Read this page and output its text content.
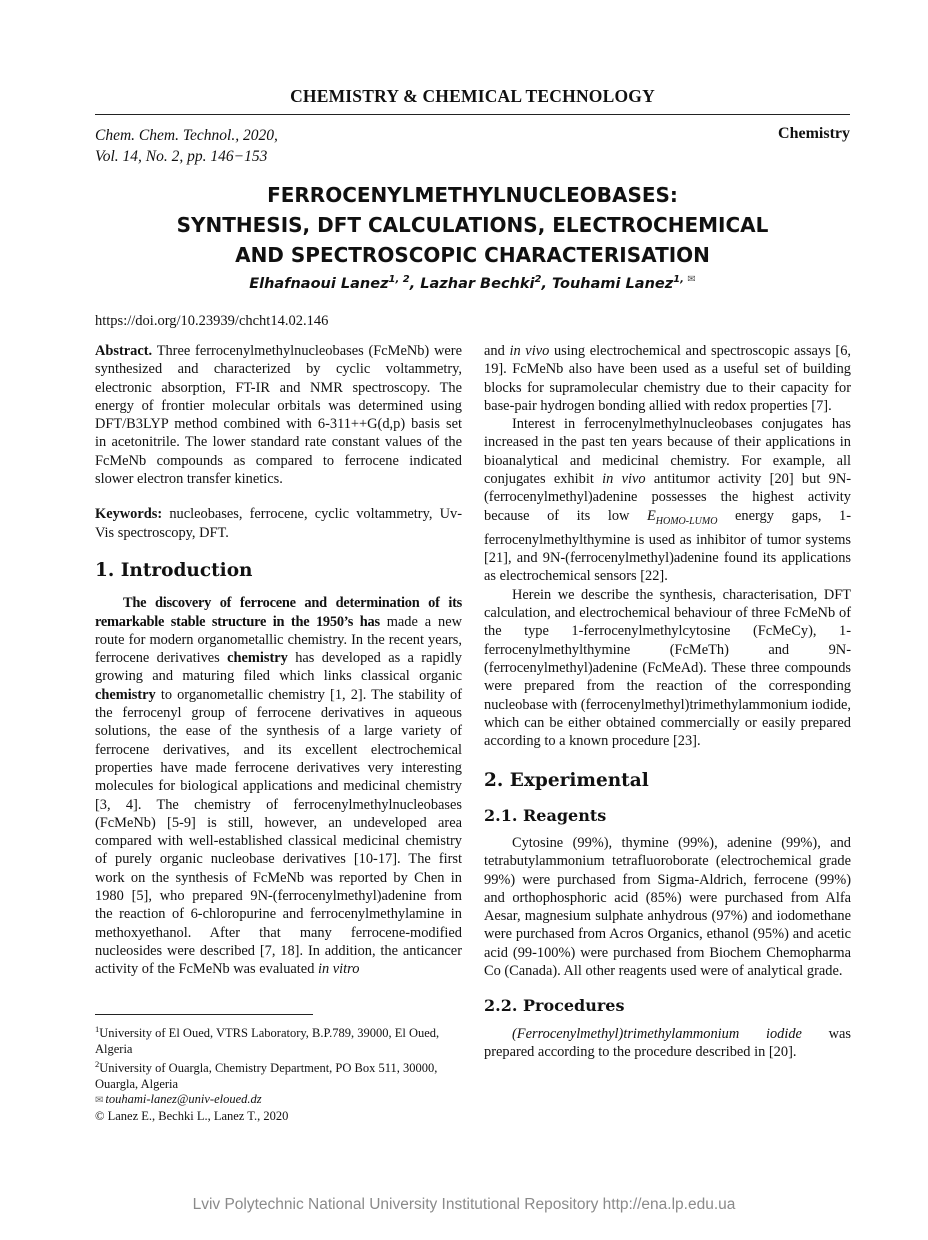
CHEMISTRY & CHEMICAL TECHNOLOGY
Chem. Chem. Technol., 2020,
Vol. 14, No. 2, pp. 146−153
Chemistry
FERROCENYLMETHYLNUCLEOBASES:
SYNTHESIS, DFT CALCULATIONS, ELECTROCHEMICAL
AND SPECTROSCOPIC CHARACTERISATION
Elhafnaoui Lanez$^{1, 2}$, Lazhar Bechki$^2$, Touhami Lanez$^{1, ✉}$
https://doi.org/10.23939/chcht14.02.146

Abstract. Three ferrocenylmethylnucleobases (FcMeNb) were synthesized and characterized by cyclic voltammetry, electronic absorption, FT-IR and NMR spectroscopy. The energy of frontier molecular orbitals was determined using DFT/B3LYP method combined with 6-311++G(d,p) basis set in acetonitrile. The lower standard rate constant values of the FcMeNb compounds as compared to ferrocene indicated slower electron transfer kinetics.

Keywords: nucleobases, ferrocene, cyclic voltammetry, Uv-Vis spectroscopy, DFT.

1. Introduction

The discovery of ferrocene and determination of its remarkable stable structure in the 1950’s has made a new route for modern organometallic chemistry. In the recent years, ferrocene derivatives chemistry has developed as a rapidly growing and maturing filed which links classical organic chemistry to organometallic chemistry [1, 2]. The stability of the ferrocenyl group of ferrocene derivatives in aqueous solutions, the ease of the synthesis of a large variety of ferrocene derivatives, and its excellent electrochemical properties have made ferrocene derivatives very interesting molecules for biological applications and medicinal chemistry [3, 4]. The chemistry of ferrocenylmethylnucleobases (FcMeNb) [5-9] is still, however, an undeveloped area compared with well-established classical medicinal chemistry of purely organic nucleobase derivatives [10-17]. The first work on the synthesis of FcMeNb was reported by Chen in 1980 [5], who prepared 9N-(ferrocenylmethyl)adenine from the reaction of 6-chloropurine and ferrocenylmethylamine in methoxyethanol. After that many ferrocene-modified nucleosides were described [7, 18]. In addition, the anticancer activity of the FcMeNb was evaluated in vitro

$^1$University of El Oued, VTRS Laboratory, B.P.789, 39000, El Oued, Algeria

$^2$University of Ouargla, Chemistry Department, PO Box 511, 30000, Ouargla, Algeria

✉ touhami-lanez@univ-eloued.dz

© Lanez E., Bechki L., Lanez T., 2020

and in vivo using electrochemical and spectroscopic assays [6, 19]. FcMeNb also have been used as a useful set of building blocks for supramolecular chemistry due to their capacity for base-pair hydrogen bonding allied with redox properties [7].

Interest in ferrocenylmethylnucleobases conjugates has increased in the past ten years because of their applications in bioanalytical and medicinal chemistry. For example, all conjugates exhibit in vivo antitumor activity [20] but 9N-(ferrocenylmethyl)adenine possesses the highest activity because of its low $E_{HOMO-LUMO}$ energy gaps, 1-ferrocenylmethylthymine is used as inhibitor of tumor systems [21], and 9N-(ferrocenylmethyl)adenine found its applications as electrochemical sensors [22].

Herein we describe the synthesis, characterisation, DFT calculation, and electrochemical behaviour of three FcMeNb of the type 1-ferrocenylmethylcytosine (FcMeCy), 1-ferrocenylmethylthymine (FcMeTh) and 9N-(ferrocenylmethyl)adenine (FcMeAd). These three compounds were prepared from the reaction of the corresponding nucleobase with (ferrocenylmethyl)trimethylammonium iodide, which can be either obtained commercially or easily prepared according to a known procedure [23].

2. Experimental
2.1. Reagents

Cytosine (99%), thymine (99%), adenine (99%), and tetrabutylammonium tetrafluoroborate (electrochemical grade 99%) were purchased from Sigma-Aldrich, ferrocene (99%) and orthophosphoric acid (85%) were purchased from Alfa Aesar, magnesium sulphate anhydrous (97%) and iodomethane were purchased from Acros Organics, ethanol (95%) and acetic acid (99-100%) were purchased from Biochem Chemopharma Co (Canada). All other reagents used were of analytical grade.

2.2. Procedures

(Ferrocenylmethyl)trimethylammonium iodide was prepared according to the procedure described in [20].

Lviv Polytechnic National University Institutional Repository http://ena.lp.edu.ua
